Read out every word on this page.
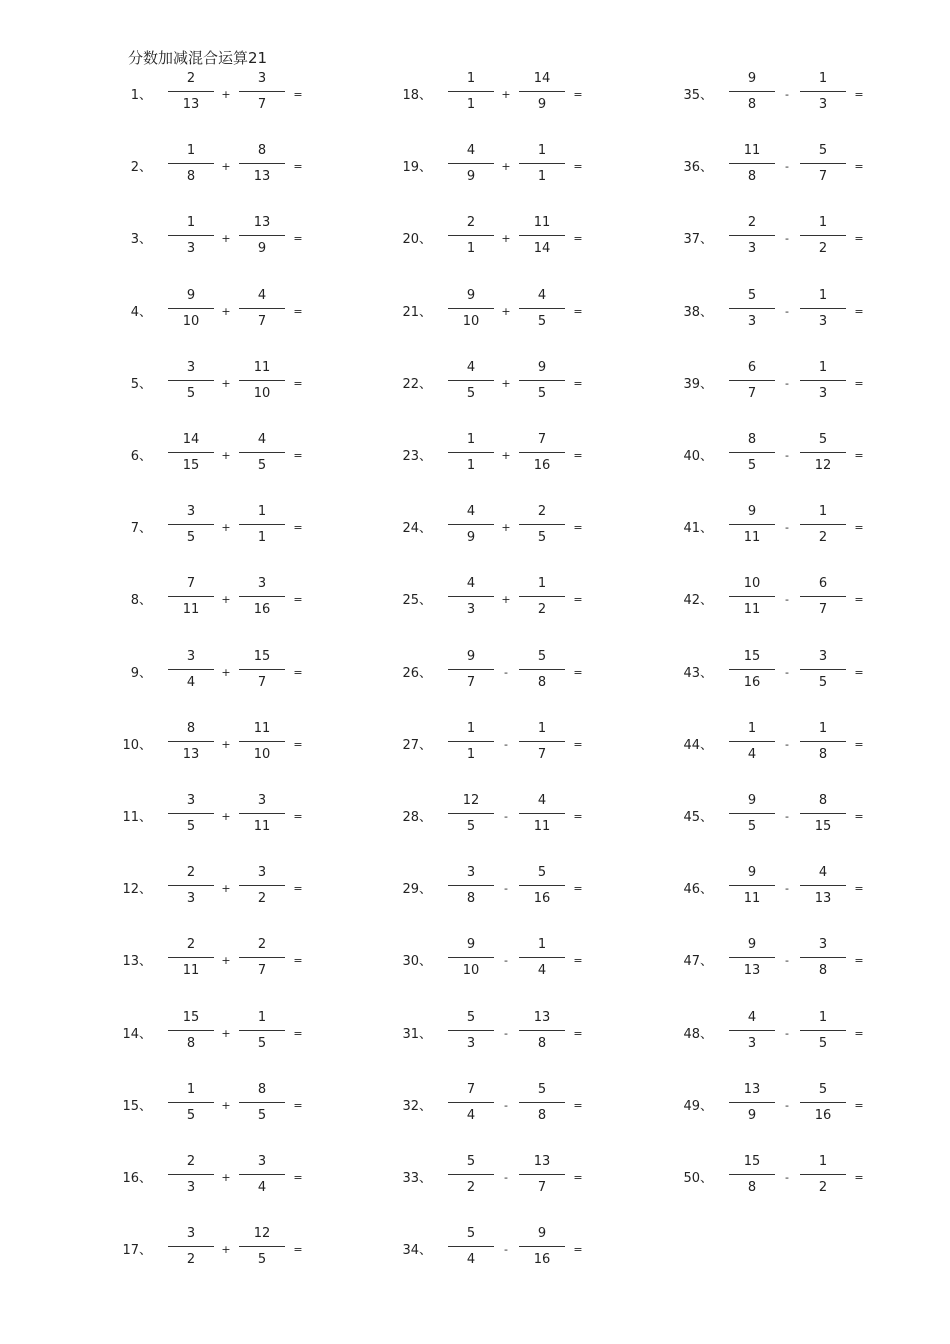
分数加减混合运算21
1、
2
13
+
3
7
=
2、
1
8
+
8
13
=
3、
1
3
+
13
9
=
4、
9
10
+
4
7
=
5、
3
5
+
11
10
=
6、
14
15
+
4
5
=
7、
3
5
+
1
1
=
8、
7
11
+
3
16
=
9、
3
4
+
15
7
=
10、
8
13
+
11
10
=
11、
3
5
+
3
11
=
12、
2
3
+
3
2
=
13、
2
11
+
2
7
=
14、
15
8
+
1
5
=
15、
1
5
+
8
5
=
16、
2
3
+
3
4
=
17、
3
2
+
12
5
=
18、
1
1
+
14
9
=
19、
4
9
+
1
1
=
20、
2
1
+
11
14
=
21、
9
10
+
4
5
=
22、
4
5
+
9
5
=
23、
1
1
+
7
16
=
24、
4
9
+
2
5
=
25、
4
3
+
1
2
=
26、
9
7
-
5
8
=
27、
1
1
-
1
7
=
28、
12
5
-
4
11
=
29、
3
8
-
5
16
=
30、
9
10
-
1
4
=
31、
5
3
-
13
8
=
32、
7
4
-
5
8
=
33、
5
2
-
13
7
=
34、
5
4
-
9
16
=
35、
9
8
-
1
3
=
36、
11
8
-
5
7
=
37、
2
3
-
1
2
=
38、
5
3
-
1
3
=
39、
6
7
-
1
3
=
40、
8
5
-
5
12
=
41、
9
11
-
1
2
=
42、
10
11
-
6
7
=
43、
15
16
-
3
5
=
44、
1
4
-
1
8
=
45、
9
5
-
8
15
=
46、
9
11
-
4
13
=
47、
9
13
-
3
8
=
48、
4
3
-
1
5
=
49、
13
9
-
5
16
=
50、
15
8
-
1
2
=
